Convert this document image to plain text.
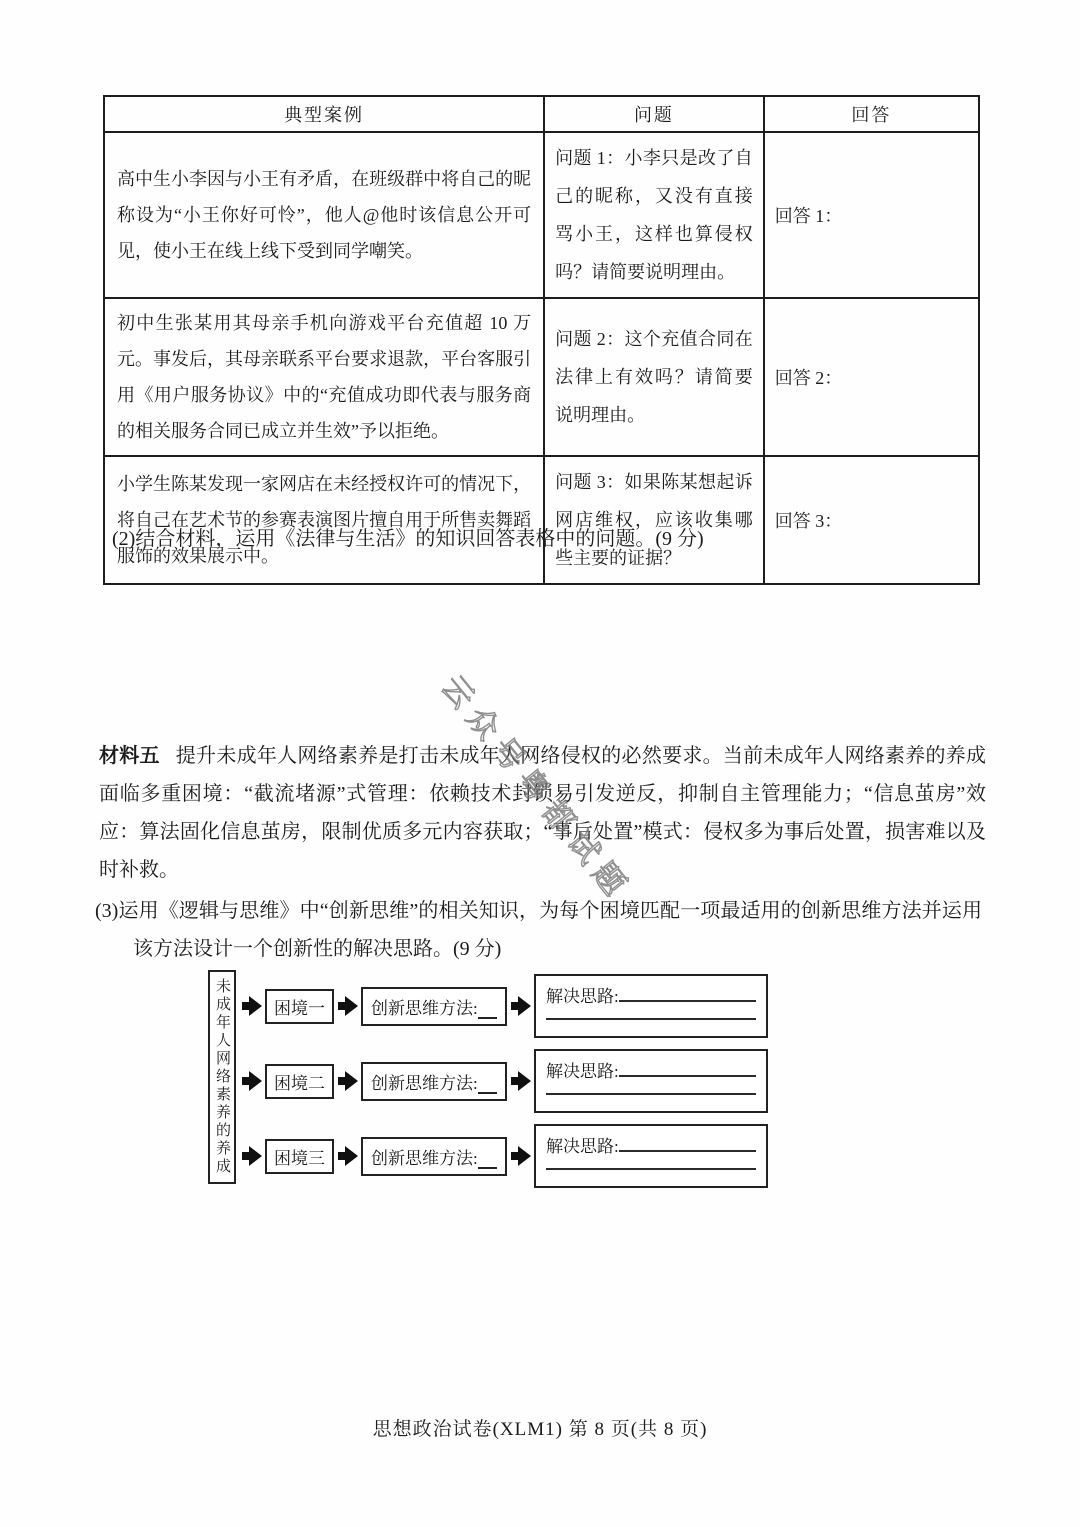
典型案例	问题	回答
高中生小李因与小王有矛盾，在班级群中将自己的昵称设为“小王你好可怜”，他人@他时该信息公开可见，使小王在线上线下受到同学嘲笑。	问题 1：小李只是改了自己的昵称，又没有直接骂小王，这样也算侵权吗？请简要说明理由。	回答 1：
初中生张某用其母亲手机向游戏平台充值超 10 万元。事发后，其母亲联系平台要求退款，平台客服引用《用户服务协议》中的“充值成功即代表与服务商的相关服务合同已成立并生效”予以拒绝。	问题 2：这个充值合同在法律上有效吗？请简要说明理由。	回答 2：
小学生陈某发现一家网店在未经授权许可的情况下，将自己在艺术节的参赛表演图片擅自用于所售卖舞蹈服饰的效果展示中。	问题 3：如果陈某想起诉网店维权，应该收集哪些主要的证据？	回答 3：
(2)结合材料，运用《法律与生活》的知识回答表格中的问题。(9 分)
材料五 提升未成年人网络素养是打击未成年人网络侵权的必然要求。当前未成年人网络素养的养成面临多重困境：“截流堵源”式管理：依赖技术封锁易引发逆反，抑制自主管理能力；“信息茧房”效应：算法固化信息茧房，限制优质多元内容获取；“事后处置”模式：侵权多为事后处置，损害难以及时补救。
(3)运用《逻辑与思维》中“创新思维”的相关知识，为每个困境匹配一项最适用的创新思维方法并运用该方法设计一个创新性的解决思路。(9 分)
未成年人网络素养的养成	困境一	创新思维方法:
解决思路:
困境二	创新思维方法:
解决思路:
困境三	创新思维方法:
解决思路:
云众号粤都试题
思想政治试卷(XLM1) 第 8 页(共 8 页)
